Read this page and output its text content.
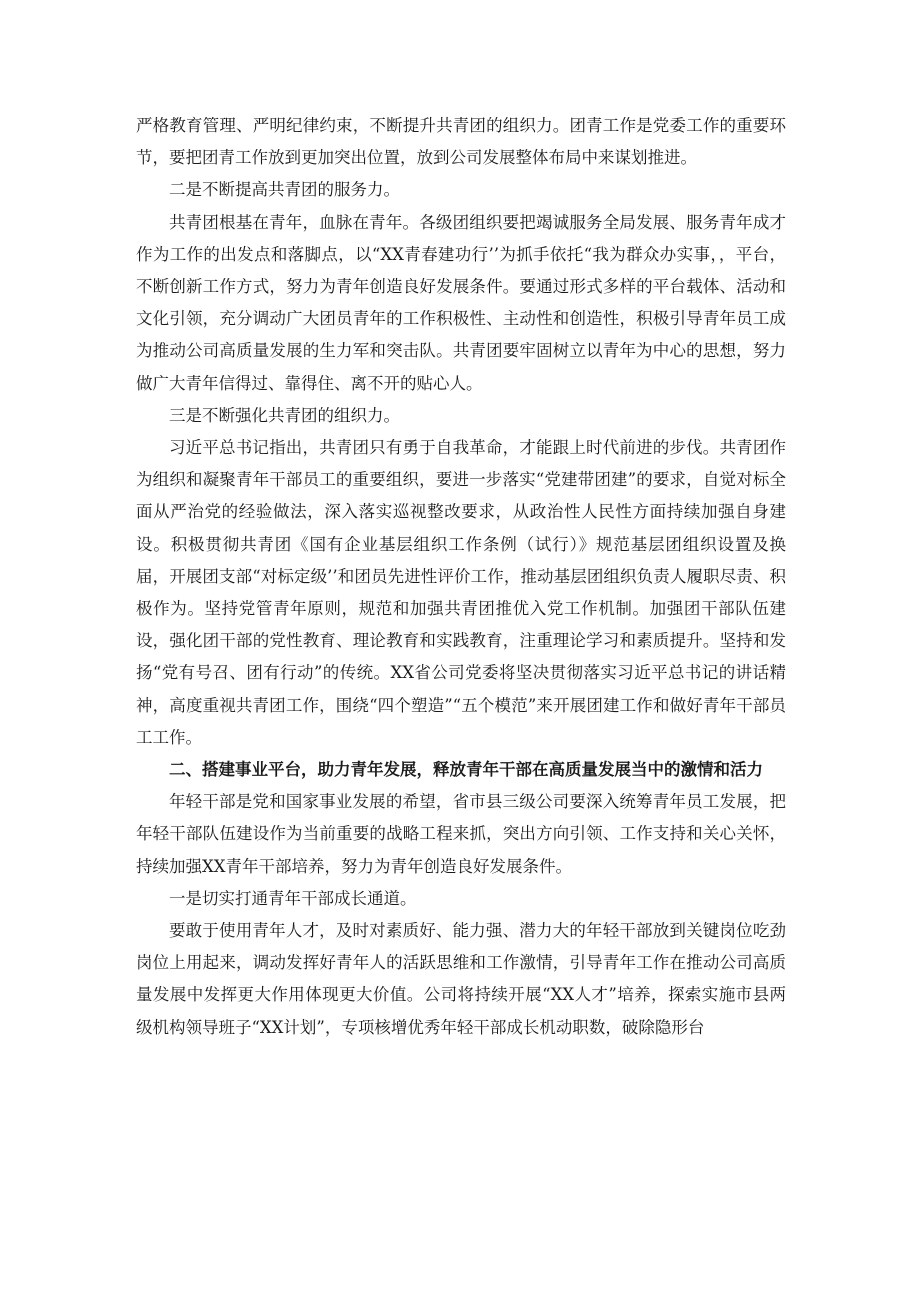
严格教育管理、严明纪律约束，不断提升共青团的组织力。团青工作是党委工作的重要环节，要把团青工作放到更加突出位置，放到公司发展整体布局中来谋划推进。

二是不断提高共青团的服务力。

共青团根基在青年，血脉在青年。各级团组织要把竭诚服务全局发展、服务青年成才作为工作的出发点和落脚点，以“XX青春建功行’’为抓手依托“我为群众办实事，，平台，不断创新工作方式，努力为青年创造良好发展条件。要通过形式多样的平台载体、活动和文化引领，充分调动广大团员青年的工作积极性、主动性和创造性，积极引导青年员工成为推动公司高质量发展的生力军和突击队。共青团要牢固树立以青年为中心的思想，努力做广大青年信得过、靠得住、离不开的贴心人。

三是不断强化共青团的组织力。

习近平总书记指出，共青团只有勇于自我革命，才能跟上时代前进的步伐。共青团作为组织和凝聚青年干部员工的重要组织，要进一步落实“党建带团建”的要求，自觉对标全面从严治党的经验做法，深入落实巡视整改要求，从政治性人民性方面持续加强自身建设。积极贯彻共青团《国有企业基层组织工作条例（试行）》规范基层团组织设置及换届，开展团支部“对标定级’’和团员先进性评价工作，推动基层团组织负责人履职尽责、积极作为。坚持党管青年原则，规范和加强共青团推优入党工作机制。加强团干部队伍建设，强化团干部的党性教育、理论教育和实践教育，注重理论学习和素质提升。坚持和发扬“党有号召、团有行动”的传统。XX省公司党委将坚决贯彻落实习近平总书记的讲话精神，高度重视共青团工作，围绕“四个塑造”“五个模范”来开展团建工作和做好青年干部员工工作。

二、搭建事业平台，助力青年发展，释放青年干部在高质量发展当中的激情和活力

年轻干部是党和国家事业发展的希望，省市县三级公司要深入统筹青年员工发展，把年轻干部队伍建设作为当前重要的战略工程来抓，突出方向引领、工作支持和关心关怀，持续加强XX青年干部培养，努力为青年创造良好发展条件。

一是切实打通青年干部成长通道。

要敢于使用青年人才，及时对素质好、能力强、潜力大的年轻干部放到关键岗位吃劲岗位上用起来，调动发挥好青年人的活跃思维和工作激情，引导青年工作在推动公司高质量发展中发挥更大作用体现更大价值。公司将持续开展“XX人才”培养，探索实施市县两级机构领导班子“XX计划”，专项核增优秀年轻干部成长机动职数，破除隐形台
